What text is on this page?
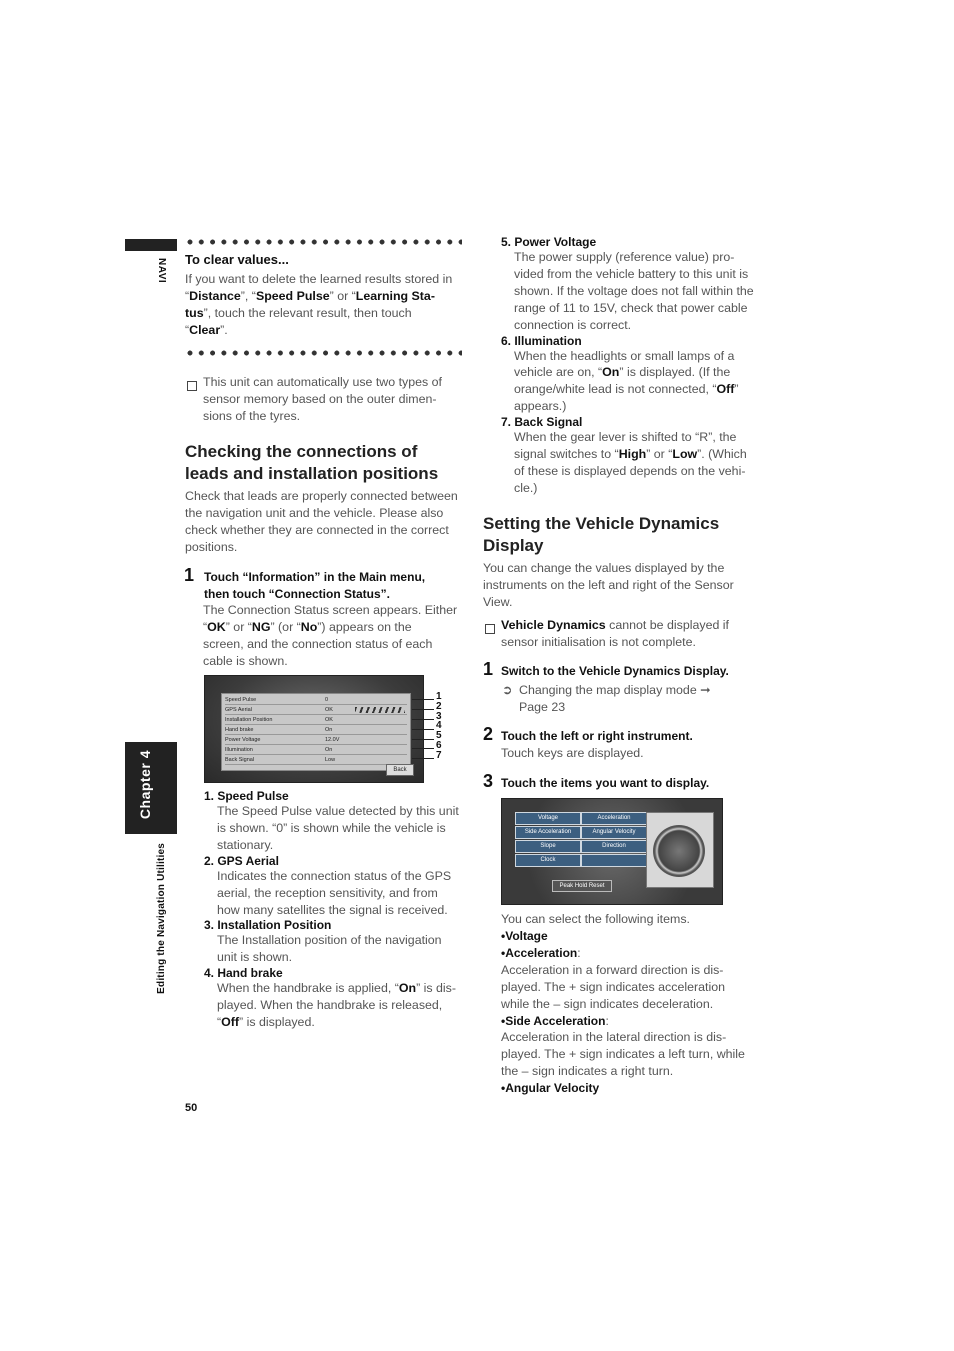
NAVI
Chapter 4
Editing the Navigation Utilities
To clear values...
If you want to delete the learned results stored in
“Distance”, “Speed Pulse” or “Learning Sta-
tus”, touch the relevant result, then touch
“Clear”.
This unit can automatically use two types of
sensor memory based on the outer dimen-
sions of the tyres.
Checking the connections of
leads and installation positions
Check that leads are properly connected between
the navigation unit and the vehicle. Please also
check whether they are connected in the correct
positions.
1 Touch “Information” in the Main menu,
then touch “Connection Status”.
The Connection Status screen appears. Either
“OK” or “NG” (or “No”) appears on the
screen, and the connection status of each
cable is shown.
Speed Pulse	0
GPS Aerial	OK
Installation Position	OK
Hand brake	On
Power Voltage	12.0V
Illumination	On
Back Signal	Low
Back
1
2
3
4
5
6
7
1. Speed Pulse
The Speed Pulse value detected by this unit
is shown. “0” is shown while the vehicle is
stationary.
2. GPS Aerial
Indicates the connection status of the GPS
aerial, the reception sensitivity, and from
how many satellites the signal is received.
3. Installation Position
The Installation position of the navigation
unit is shown.
4. Hand brake
When the handbrake is applied, “On” is dis-
played. When the handbrake is released,
“Off” is displayed.
50
5. Power Voltage
The power supply (reference value) pro-
vided from the vehicle battery to this unit is
shown. If the voltage does not fall within the
range of 11 to 15V, check that power cable
connection is correct.
6. Illumination
When the headlights or small lamps of a
vehicle are on, “On” is displayed. (If the
orange/white lead is not connected, “Off”
appears.)
7. Back Signal
When the gear lever is shifted to “R”, the
signal switches to “High” or “Low”. (Which
of these is displayed depends on the vehi-
cle.)
Setting the Vehicle Dynamics
Display
You can change the values displayed by the
instruments on the left and right of the Sensor
View.
Vehicle Dynamics cannot be displayed if
sensor initialisation is not complete.
1 Switch to the Vehicle Dynamics Display.
➲ Changing the map display mode ➞
Page 23
2 Touch the left or right instrument.
Touch keys are displayed.
3 Touch the items you want to display.
Voltage	Acceleration
Side Acceleration	Angular Velocity
Slope	Direction
Clock
Peak Hold Reset
You can select the following items.
•Voltage
•Acceleration:
Acceleration in a forward direction is dis-
played. The + sign indicates acceleration
while the – sign indicates deceleration.
•Side Acceleration:
Acceleration in the lateral direction is dis-
played. The + sign indicates a left turn, while
the – sign indicates a right turn.
•Angular Velocity
